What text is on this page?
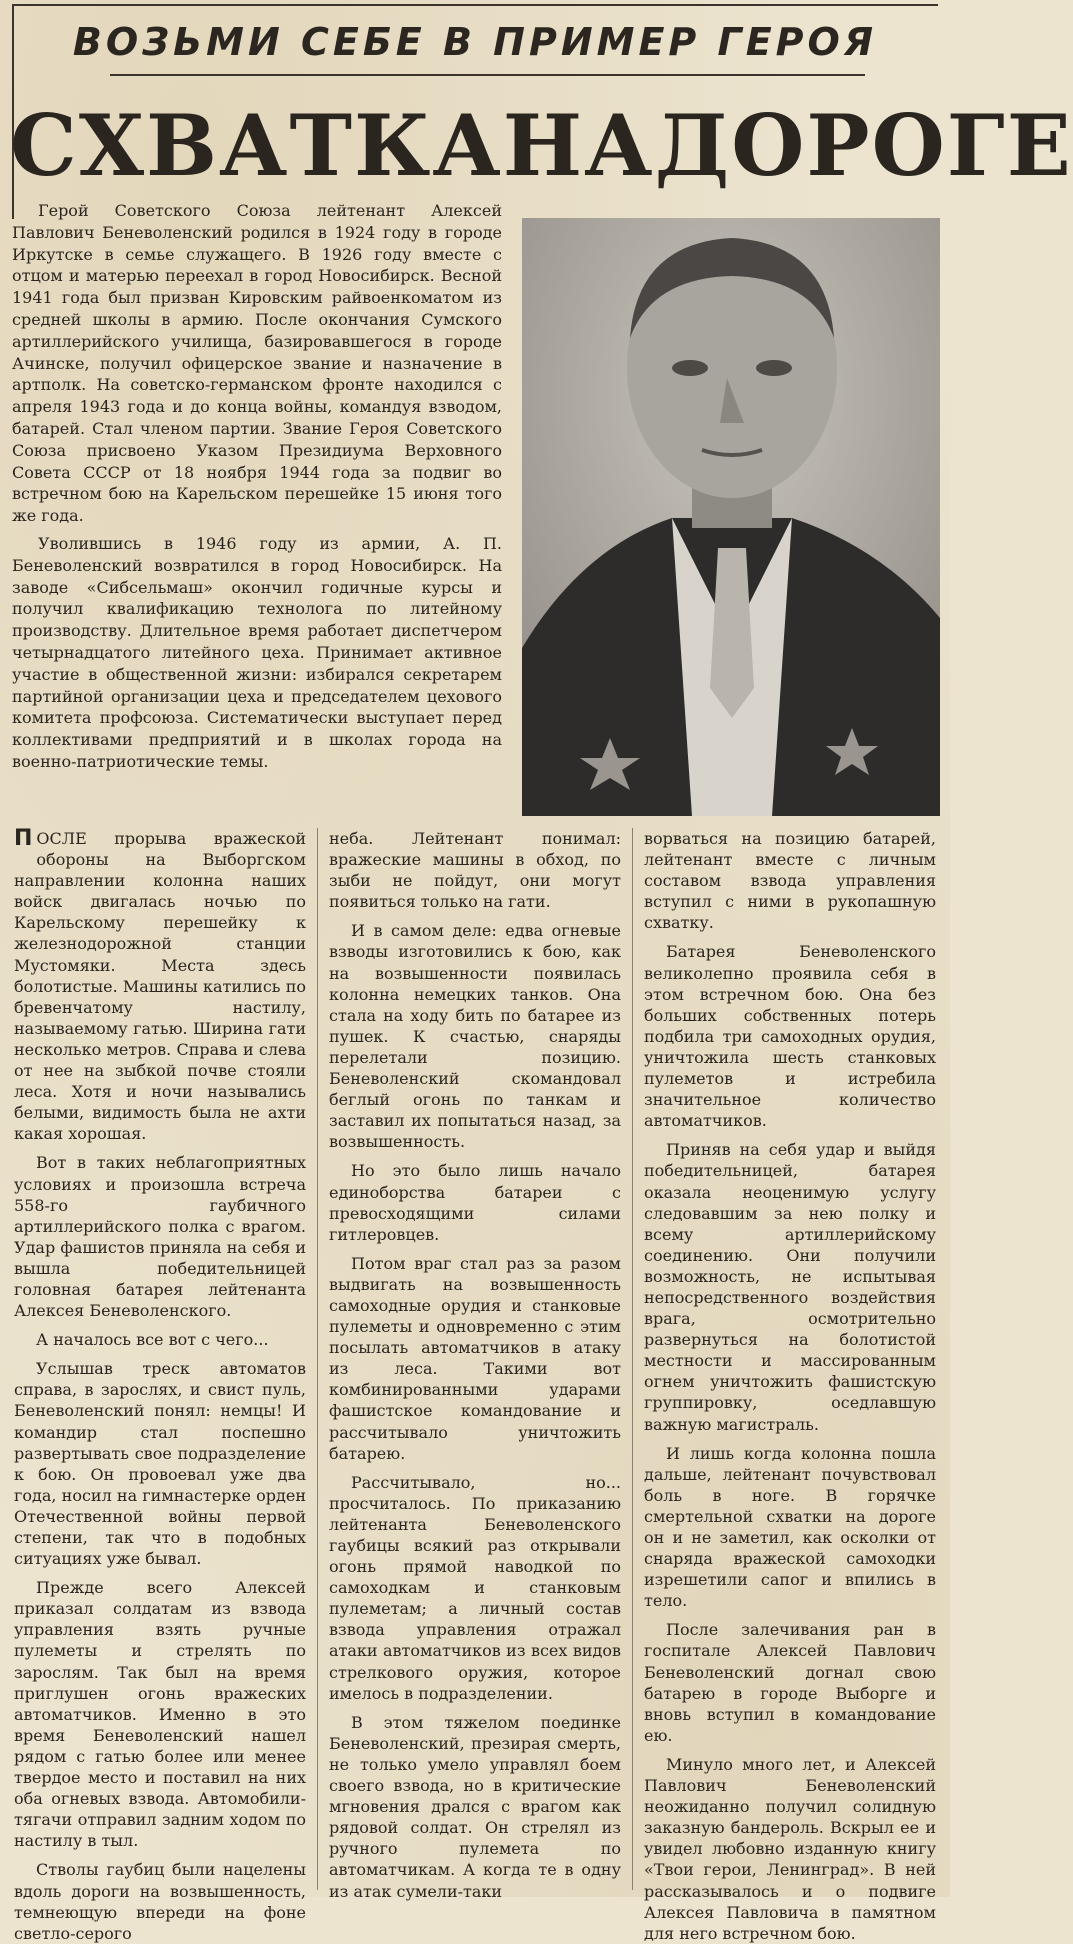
ВОЗЬМИ СЕБЕ В ПРИМЕР ГЕРОЯ
СХВАТКА НА ДОРОГЕ

Герой Советского Союза лейтенант Алексей Павлович Беневоленский родился в 1924 году в городе Иркутске в семье служащего. В 1926 году вместе с отцом и матерью переехал в город Новосибирск. Весной 1941 года был призван Кировским райвоенкоматом из средней школы в армию. После окончания Сумского артиллерийского училища, базировавшегося в городе Ачинске, получил офицерское звание и назначение в артполк. На советско-германском фронте находился с апреля 1943 года и до конца войны, командуя взводом, батарей. Стал членом партии. Звание Героя Советского Союза присвоено Указом Президиума Верховного Совета СССР от 18 ноября 1944 года за подвиг во встречном бою на Карельском перешейке 15 июня того же года.

Уволившись в 1946 году из армии, А. П. Беневоленский возвратился в город Новосибирск. На заводе «Сибсельмаш» окончил годичные курсы и получил квалификацию технолога по литейному производству. Длительное время работает диспетчером четырнадцатого литейного цеха. Принимает активное участие в общественной жизни: избирался секретарем партийной организации цеха и председателем цехового комитета профсоюза. Систематически выступает перед коллективами предприятий и в школах города на военно-патриотические темы.

П ОСЛЕ прорыва вражеской обороны на Выборгском направлении колонна наших войск двигалась ночью по Карельскому перешейку к железнодорожной станции Мустомяки. Места здесь болотистые. Машины катились по бревенчатому настилу, называемому гатью. Ширина гати несколько метров. Справа и слева от нее на зыбкой почве стояли леса. Хотя и ночи назывались белыми, видимость была не ахти какая хорошая.

Вот в таких неблагоприятных условиях и произошла встреча 558-го гаубичного артиллерийского полка с врагом. Удар фашистов приняла на себя и вышла победительницей головная батарея лейтенанта Алексея Беневоленского.

А началось все вот с чего...

Услышав треск автоматов справа, в зарослях, и свист пуль, Беневоленский понял: немцы! И командир стал поспешно развертывать свое подразделение к бою. Он провоевал уже два года, носил на гимнастерке орден Отечественной войны первой степени, так что в подобных ситуациях уже бывал.

Прежде всего Алексей приказал солдатам из взвода управления взять ручные пулеметы и стрелять по зарослям. Так был на время приглушен огонь вражеских автоматчиков. Именно в это время Беневоленский нашел рядом с гатью более или менее твердое место и поставил на них оба огневых взвода. Автомобили-тягачи отправил задним ходом по настилу в тыл.

Стволы гаубиц были нацелены вдоль дороги на возвышенность, темнеющую впереди на фоне светло-серого

неба. Лейтенант понимал: вражеские машины в обход, по зыби не пойдут, они могут появиться только на гати.

И в самом деле: едва огневые взводы изготовились к бою, как на возвышенности появилась колонна немецких танков. Она стала на ходу бить по батарее из пушек. К счастью, снаряды перелетали позицию. Беневоленский скомандовал беглый огонь по танкам и заставил их попытаться назад, за возвышенность.

Но это было лишь начало единоборства батареи с превосходящими силами гитлеровцев.

Потом враг стал раз за разом выдвигать на возвышенность самоходные орудия и станковые пулеметы и одновременно с этим посылать автоматчиков в атаку из леса. Такими вот комбинированными ударами фашистское командование и рассчитывало уничтожить батарею.

Рассчитывало, но... просчиталось. По приказанию лейтенанта Беневоленского гаубицы всякий раз открывали огонь прямой наводкой по самоходкам и станковым пулеметам; а личный состав взвода управления отражал атаки автоматчиков из всех видов стрелкового оружия, которое имелось в подразделении.

В этом тяжелом поединке Беневоленский, презирая смерть, не только умело управлял боем своего взвода, но в критические мгновения дрался с врагом как рядовой солдат. Он стрелял из ручного пулемета по автоматчикам. А когда те в одну из атак сумели-таки

ворваться на позицию батарей, лейтенант вместе с личным составом взвода управления вступил с ними в рукопашную схватку.

Батарея Беневоленского великолепно проявила себя в этом встречном бою. Она без больших собственных потерь подбила три самоходных орудия, уничтожила шесть станковых пулеметов и истребила значительное количество автоматчиков.

Приняв на себя удар и выйдя победительницей, батарея оказала неоценимую услугу следовавшим за нею полку и всему артиллерийскому соединению. Они получили возможность, не испытывая непосредственного воздействия врага, осмотрительно развернуться на болотистой местности и массированным огнем уничтожить фашистскую группировку, оседлавшую важную магистраль.

И лишь когда колонна пошла дальше, лейтенант почувствовал боль в ноге. В горячке смертельной схватки на дороге он и не заметил, как осколки от снаряда вражеской самоходки изрешетили сапог и впились в тело.

После залечивания ран в госпитале Алексей Павлович Беневоленский догнал свою батарею в городе Выборге и вновь вступил в командование ею.

Минуло много лет, и Алексей Павлович Беневоленский неожиданно получил солидную заказную бандероль. Вскрыл ее и увидел любовно изданную книгу «Твои герои, Ленинград». В ней рассказывалось и о подвиге Алексея Павловича в памятном для него встречном бою.
